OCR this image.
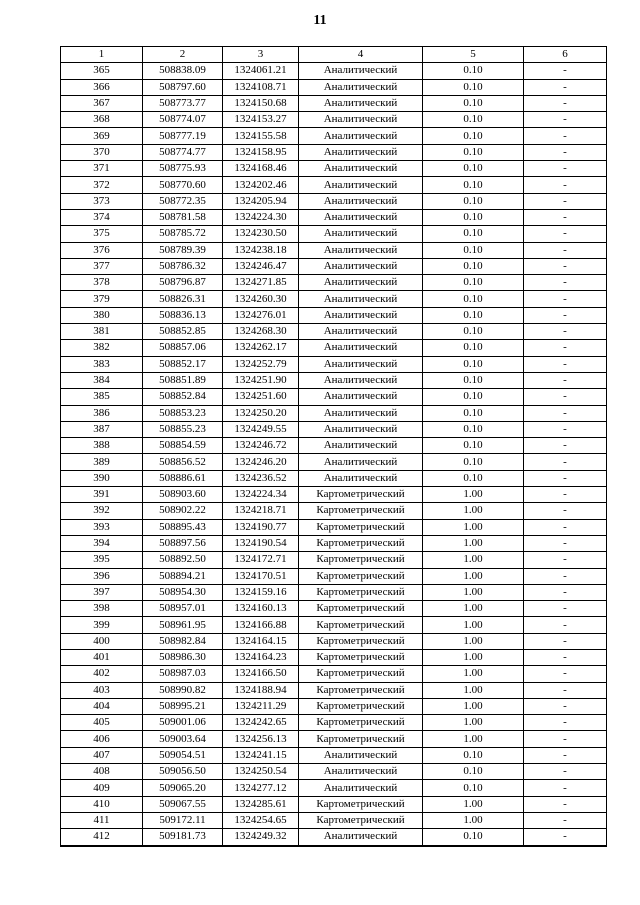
11
1	2	3	4	5	6
365	508838.09	1324061.21	Аналитический	0.10	-
366	508797.60	1324108.71	Аналитический	0.10	-
367	508773.77	1324150.68	Аналитический	0.10	-
368	508774.07	1324153.27	Аналитический	0.10	-
369	508777.19	1324155.58	Аналитический	0.10	-
370	508774.77	1324158.95	Аналитический	0.10	-
371	508775.93	1324168.46	Аналитический	0.10	-
372	508770.60	1324202.46	Аналитический	0.10	-
373	508772.35	1324205.94	Аналитический	0.10	-
374	508781.58	1324224.30	Аналитический	0.10	-
375	508785.72	1324230.50	Аналитический	0.10	-
376	508789.39	1324238.18	Аналитический	0.10	-
377	508786.32	1324246.47	Аналитический	0.10	-
378	508796.87	1324271.85	Аналитический	0.10	-
379	508826.31	1324260.30	Аналитический	0.10	-
380	508836.13	1324276.01	Аналитический	0.10	-
381	508852.85	1324268.30	Аналитический	0.10	-
382	508857.06	1324262.17	Аналитический	0.10	-
383	508852.17	1324252.79	Аналитический	0.10	-
384	508851.89	1324251.90	Аналитический	0.10	-
385	508852.84	1324251.60	Аналитический	0.10	-
386	508853.23	1324250.20	Аналитический	0.10	-
387	508855.23	1324249.55	Аналитический	0.10	-
388	508854.59	1324246.72	Аналитический	0.10	-
389	508856.52	1324246.20	Аналитический	0.10	-
390	508886.61	1324236.52	Аналитический	0.10	-
391	508903.60	1324224.34	Картометрический	1.00	-
392	508902.22	1324218.71	Картометрический	1.00	-
393	508895.43	1324190.77	Картометрический	1.00	-
394	508897.56	1324190.54	Картометрический	1.00	-
395	508892.50	1324172.71	Картометрический	1.00	-
396	508894.21	1324170.51	Картометрический	1.00	-
397	508954.30	1324159.16	Картометрический	1.00	-
398	508957.01	1324160.13	Картометрический	1.00	-
399	508961.95	1324166.88	Картометрический	1.00	-
400	508982.84	1324164.15	Картометрический	1.00	-
401	508986.30	1324164.23	Картометрический	1.00	-
402	508987.03	1324166.50	Картометрический	1.00	-
403	508990.82	1324188.94	Картометрический	1.00	-
404	508995.21	1324211.29	Картометрический	1.00	-
405	509001.06	1324242.65	Картометрический	1.00	-
406	509003.64	1324256.13	Картометрический	1.00	-
407	509054.51	1324241.15	Аналитический	0.10	-
408	509056.50	1324250.54	Аналитический	0.10	-
409	509065.20	1324277.12	Аналитический	0.10	-
410	509067.55	1324285.61	Картометрический	1.00	-
411	509172.11	1324254.65	Картометрический	1.00	-
412	509181.73	1324249.32	Аналитический	0.10	-
